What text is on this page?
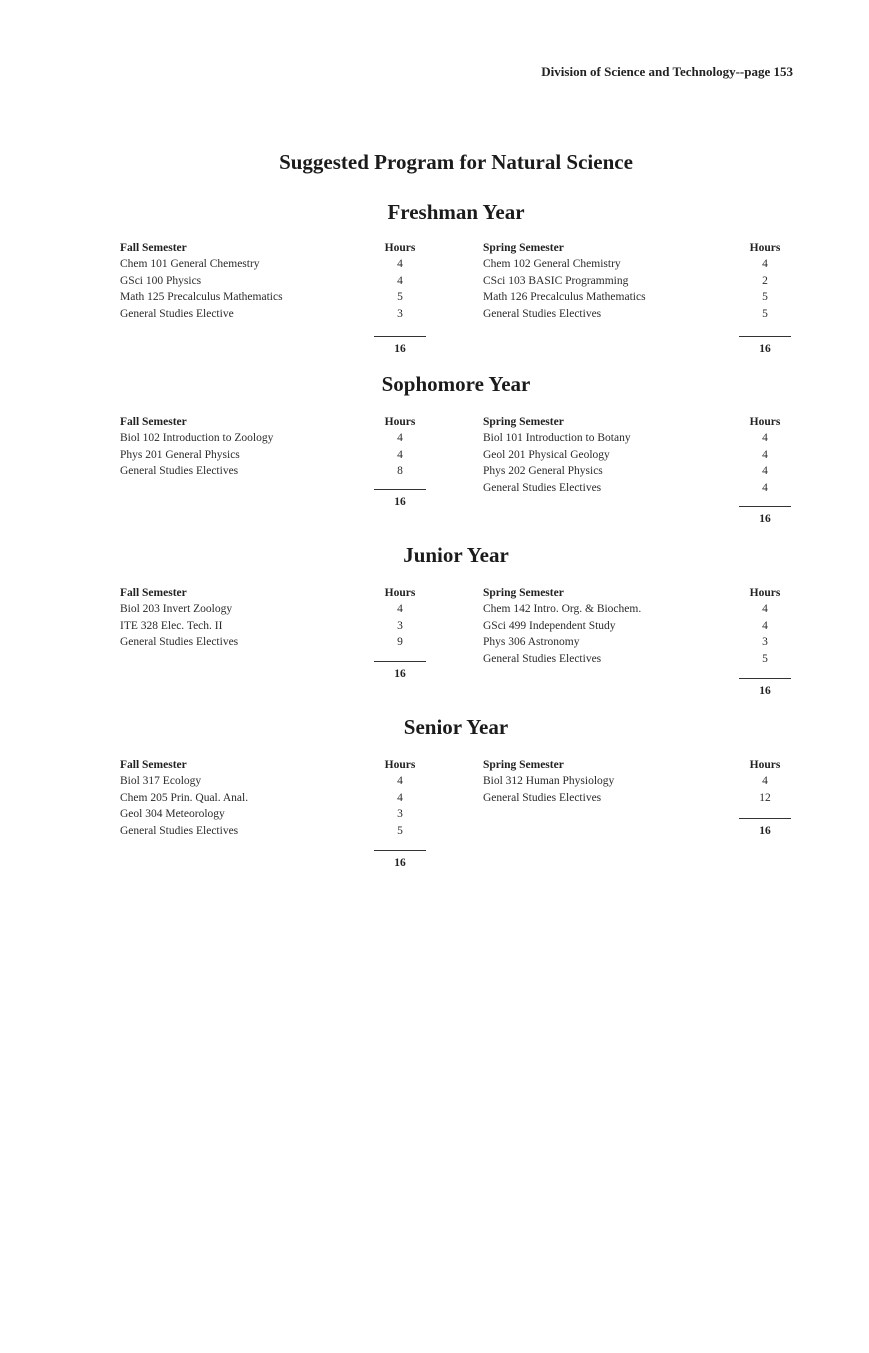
Division of Science and Technology--page 153
Suggested Program for Natural Science
Freshman Year
Fall Semester
Chem 101 General Chemestry
GSci 100 Physics
Math 125 Precalculus Mathematics
General Studies Elective
Hours
4
4
5
3
16
Spring Semester
Chem 102 General Chemistry
CSci 103 BASIC Programming
Math 126 Precalculus Mathematics
General Studies Electives
Hours
4
2
5
5
16
Sophomore Year
Fall Semester
Biol 102 Introduction to Zoology
Phys 201 General Physics
General Studies Electives
Hours
4
4
8
16
Spring Semester
Biol 101 Introduction to Botany
Geol 201 Physical Geology
Phys 202 General Physics
General Studies Electives
Hours
4
4
4
4
16
Junior Year
Fall Semester
Biol 203 Invert Zoology
ITE 328 Elec. Tech. II
General Studies Electives
Hours
4
3
9
16
Spring Semester
Chem 142 Intro. Org. & Biochem.
GSci 499 Independent Study
Phys 306 Astronomy
General Studies Electives
Hours
4
4
3
5
16
Senior Year
Fall Semester
Biol 317 Ecology
Chem 205 Prin. Qual. Anal.
Geol 304 Meteorology
General Studies Electives
Hours
4
4
3
5
16
Spring Semester
Biol 312 Human Physiology
General Studies Electives
Hours
4
12
16
